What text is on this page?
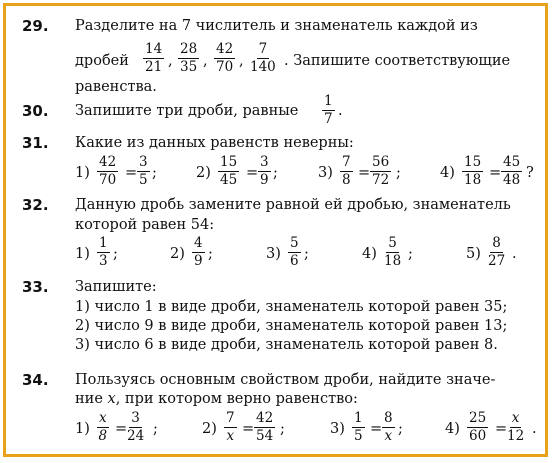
29. Разделите на 7 числитель и знаменатель каждой из
дробей
14
21 ,
28
35 ,
42
70 ,
7
140 . Запишите соответствующие
равенства.
30. Запишите три дроби, равные
1
7 .
31. Какие из данных равенств неверны:
1)
42
70 =
3
5 ;	2)
15
45 =
3
9 ;	3)
7
8 =
56
72 ;	4)
15
18 =
45
48 ?
32. Данную дробь замените равной ей дробью, знаменатель
которой равен 54:
1)
1
3 ;	2)
4
9 ;	3)
5
6 ;	4)
5
18 ;	5)
8
27 .
33. Запишите:
1) число 1 в виде дроби, знаменатель которой равен 35;
2) число 9 в виде дроби, знаменатель которой равен 13;
3) число 6 в виде дроби, знаменатель которой равен 8.
34. Пользуясь основным свойством дроби, найдите значе-
ние x, при котором верно равенство:
1)
x
8 =
3
24 ;	2)
7
x =
42
54 ;	3)
1
5 =
8
x ;	4)
25
60 =
x
12 .
